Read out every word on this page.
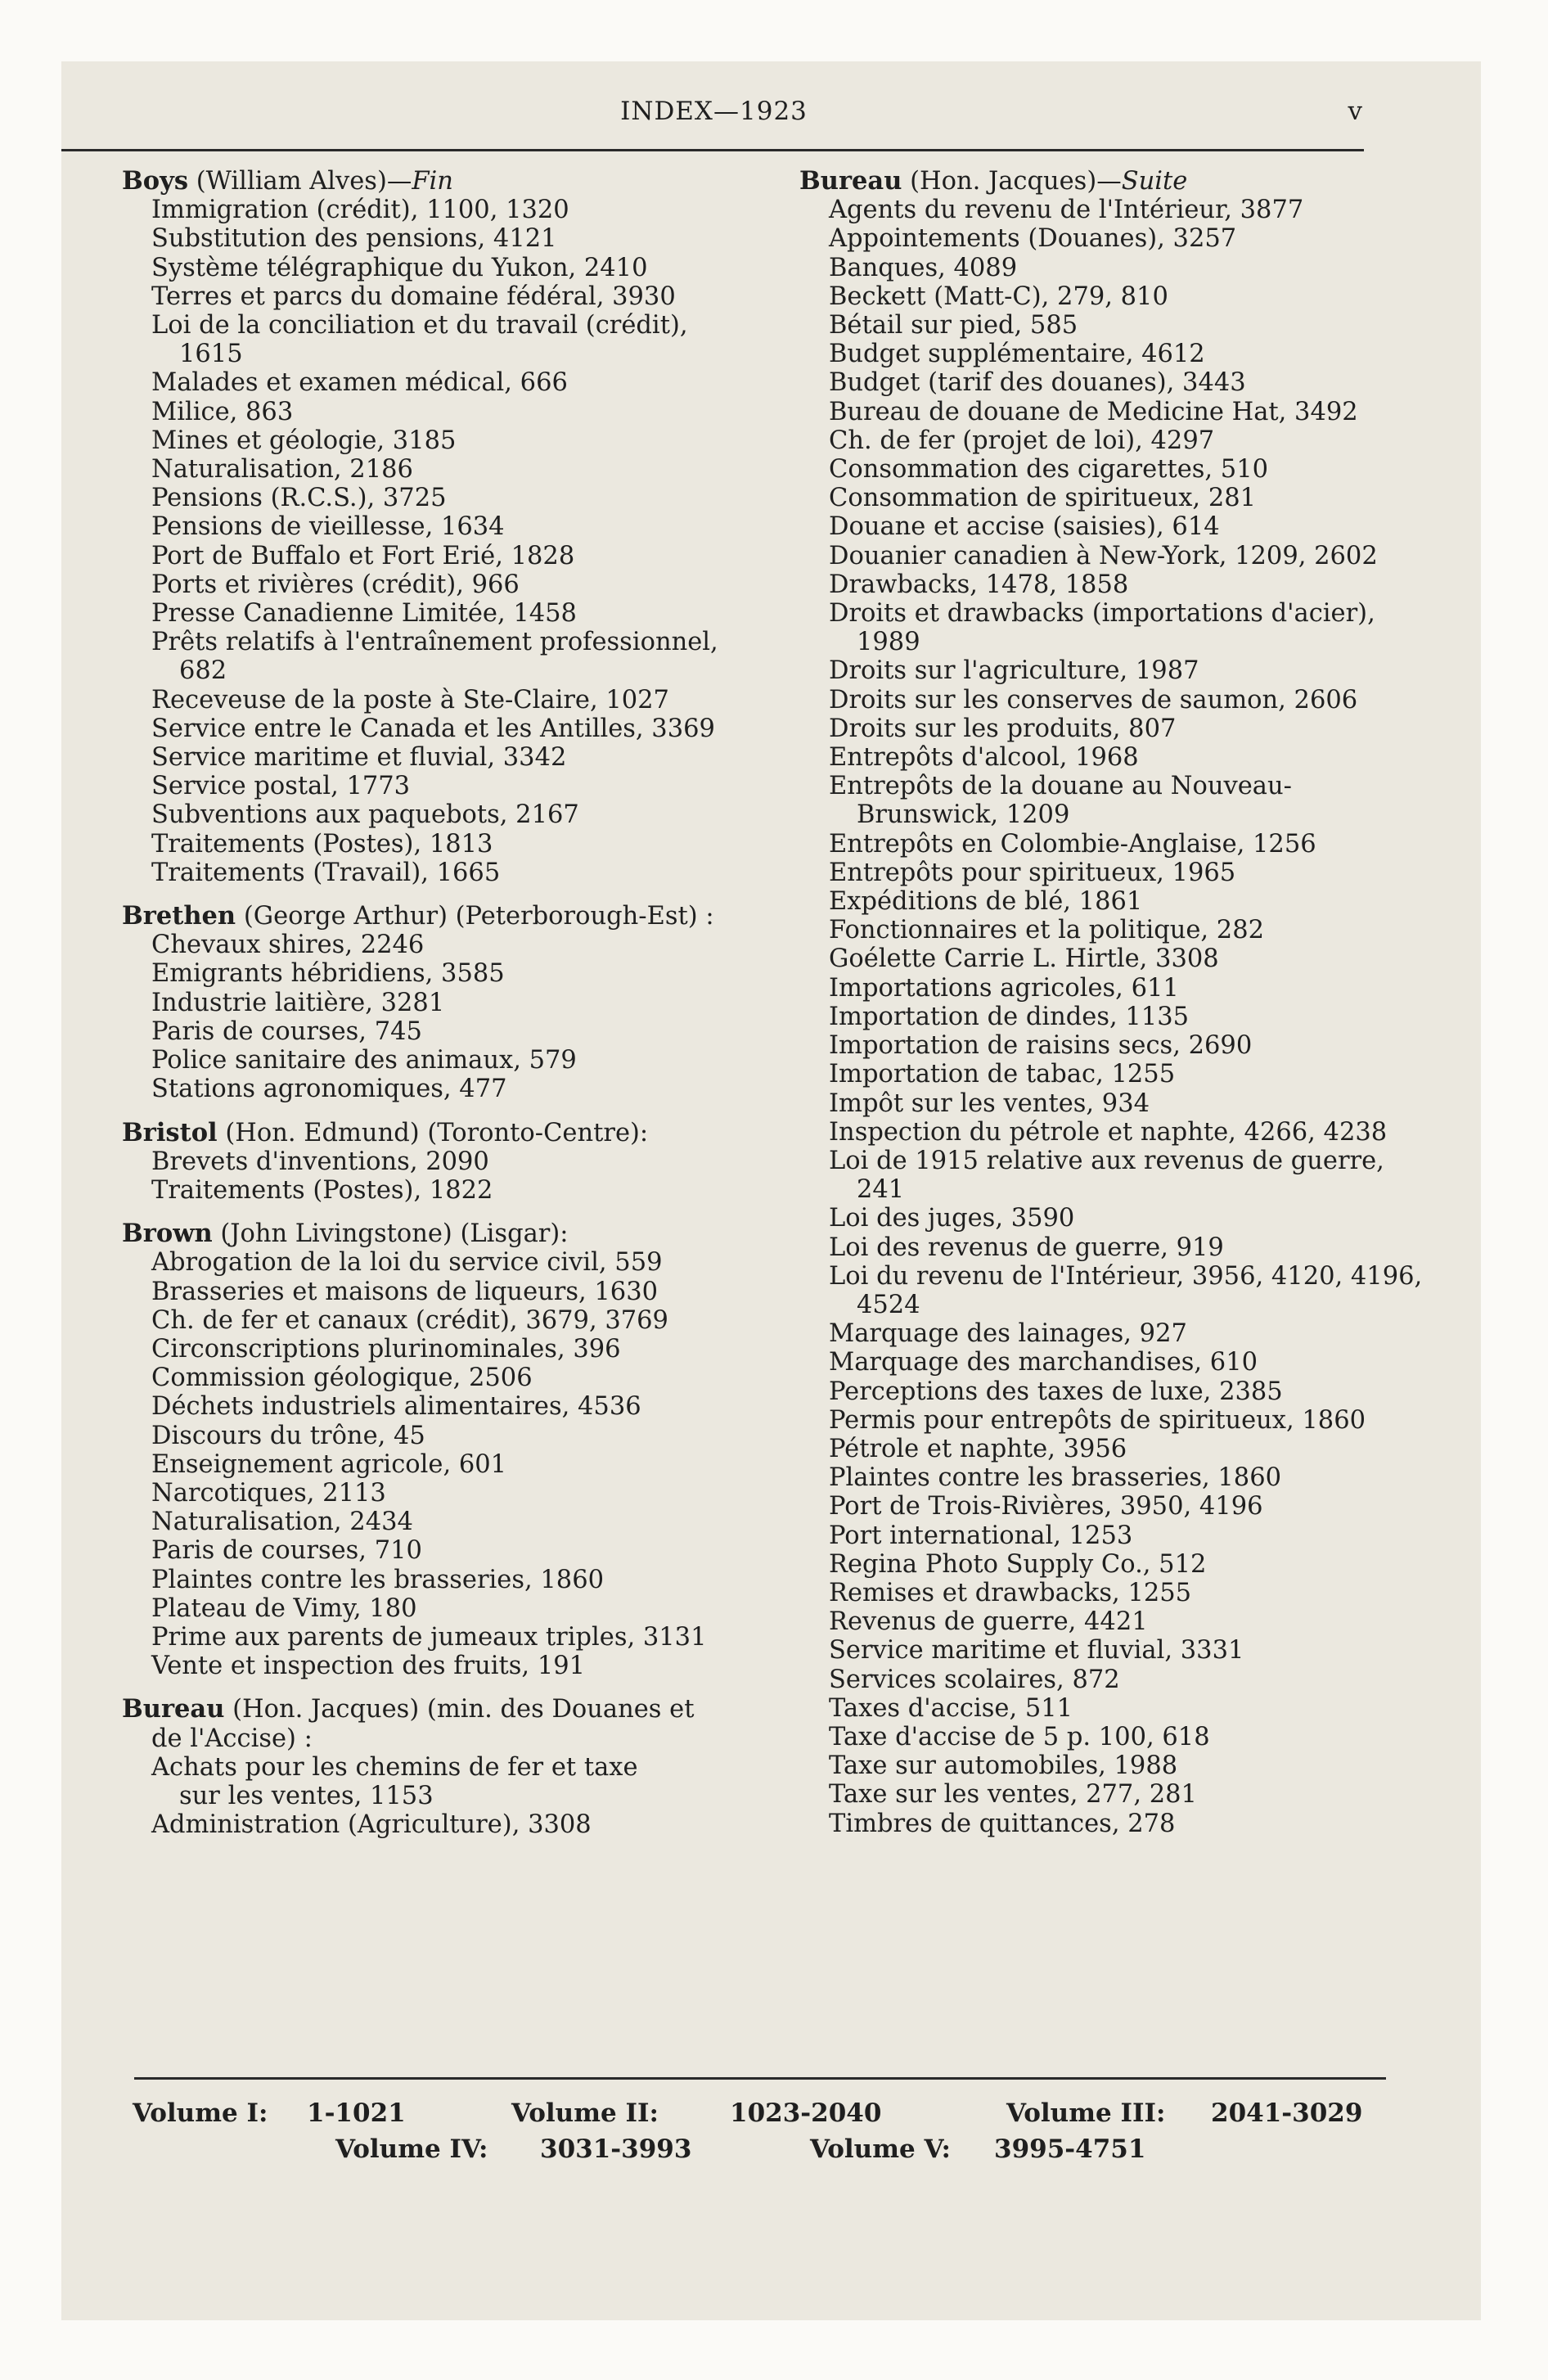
INDEX—1923	v

Boys (William Alves)—Fin

Immigration (crédit), 1100, 1320

Substitution des pensions, 4121

Système télégraphique du Yukon, 2410

Terres et parcs du domaine fédéral, 3930

Loi de la conciliation et du travail (crédit),

1615

Malades et examen médical, 666

Milice, 863

Mines et géologie, 3185

Naturalisation, 2186

Pensions (R.C.S.), 3725

Pensions de vieillesse, 1634

Port de Buffalo et Fort Erié, 1828

Ports et rivières (crédit), 966

Presse Canadienne Limitée, 1458

Prêts relatifs à l'entraînement professionnel,

682

Receveuse de la poste à Ste-Claire, 1027

Service entre le Canada et les Antilles, 3369

Service maritime et fluvial, 3342

Service postal, 1773

Subventions aux paquebots, 2167

Traitements (Postes), 1813

Traitements (Travail), 1665

Brethen (George Arthur) (Peterborough-Est) :

Chevaux shires, 2246

Emigrants hébridiens, 3585

Industrie laitière, 3281

Paris de courses, 745

Police sanitaire des animaux, 579

Stations agronomiques, 477

Bristol (Hon. Edmund) (Toronto-Centre):

Brevets d'inventions, 2090

Traitements (Postes), 1822

Brown (John Livingstone) (Lisgar):

Abrogation de la loi du service civil, 559

Brasseries et maisons de liqueurs, 1630

Ch. de fer et canaux (crédit), 3679, 3769

Circonscriptions plurinominales, 396

Commission géologique, 2506

Déchets industriels alimentaires, 4536

Discours du trône, 45

Enseignement agricole, 601

Narcotiques, 2113

Naturalisation, 2434

Paris de courses, 710

Plaintes contre les brasseries, 1860

Plateau de Vimy, 180

Prime aux parents de jumeaux triples, 3131

Vente et inspection des fruits, 191

Bureau (Hon. Jacques) (min. des Douanes et

de l'Accise) :

Achats pour les chemins de fer et taxe

sur les ventes, 1153

Administration (Agriculture), 3308

Bureau (Hon. Jacques)—Suite

Agents du revenu de l'Intérieur, 3877

Appointements (Douanes), 3257

Banques, 4089

Beckett (Matt-C), 279, 810

Bétail sur pied, 585

Budget supplémentaire, 4612

Budget (tarif des douanes), 3443

Bureau de douane de Medicine Hat, 3492

Ch. de fer (projet de loi), 4297

Consommation des cigarettes, 510

Consommation de spiritueux, 281

Douane et accise (saisies), 614

Douanier canadien à New-York, 1209, 2602

Drawbacks, 1478, 1858

Droits et drawbacks (importations d'acier),

1989

Droits sur l'agriculture, 1987

Droits sur les conserves de saumon, 2606

Droits sur les produits, 807

Entrepôts d'alcool, 1968

Entrepôts de la douane au Nouveau-

Brunswick, 1209

Entrepôts en Colombie-Anglaise, 1256

Entrepôts pour spiritueux, 1965

Expéditions de blé, 1861

Fonctionnaires et la politique, 282

Goélette Carrie L. Hirtle, 3308

Importations agricoles, 611

Importation de dindes, 1135

Importation de raisins secs, 2690

Importation de tabac, 1255

Impôt sur les ventes, 934

Inspection du pétrole et naphte, 4266, 4238

Loi de 1915 relative aux revenus de guerre,

241

Loi des juges, 3590

Loi des revenus de guerre, 919

Loi du revenu de l'Intérieur, 3956, 4120, 4196,

4524

Marquage des lainages, 927

Marquage des marchandises, 610

Perceptions des taxes de luxe, 2385

Permis pour entrepôts de spiritueux, 1860

Pétrole et naphte, 3956

Plaintes contre les brasseries, 1860

Port de Trois-Rivières, 3950, 4196

Port international, 1253

Regina Photo Supply Co., 512

Remises et drawbacks, 1255

Revenus de guerre, 4421

Service maritime et fluvial, 3331

Services scolaires, 872

Taxes d'accise, 511

Taxe d'accise de 5 p. 100, 618

Taxe sur automobiles, 1988

Taxe sur les ventes, 277, 281

Timbres de quittances, 278

Volume I: 1-1021	Volume II:	1023-2040	Volume III: 2041-3029
Volume IV: 3031-3993	Volume V: 3995-4751
